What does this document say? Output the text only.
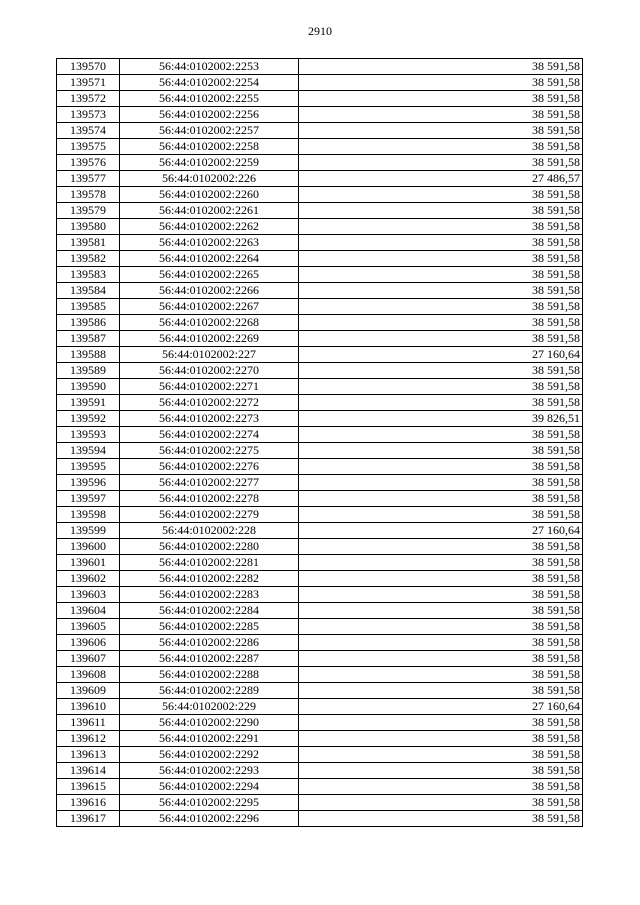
2910
139570	56:44:0102002:2253	38 591,58
139571	56:44:0102002:2254	38 591,58
139572	56:44:0102002:2255	38 591,58
139573	56:44:0102002:2256	38 591,58
139574	56:44:0102002:2257	38 591,58
139575	56:44:0102002:2258	38 591,58
139576	56:44:0102002:2259	38 591,58
139577	56:44:0102002:226	27 486,57
139578	56:44:0102002:2260	38 591,58
139579	56:44:0102002:2261	38 591,58
139580	56:44:0102002:2262	38 591,58
139581	56:44:0102002:2263	38 591,58
139582	56:44:0102002:2264	38 591,58
139583	56:44:0102002:2265	38 591,58
139584	56:44:0102002:2266	38 591,58
139585	56:44:0102002:2267	38 591,58
139586	56:44:0102002:2268	38 591,58
139587	56:44:0102002:2269	38 591,58
139588	56:44:0102002:227	27 160,64
139589	56:44:0102002:2270	38 591,58
139590	56:44:0102002:2271	38 591,58
139591	56:44:0102002:2272	38 591,58
139592	56:44:0102002:2273	39 826,51
139593	56:44:0102002:2274	38 591,58
139594	56:44:0102002:2275	38 591,58
139595	56:44:0102002:2276	38 591,58
139596	56:44:0102002:2277	38 591,58
139597	56:44:0102002:2278	38 591,58
139598	56:44:0102002:2279	38 591,58
139599	56:44:0102002:228	27 160,64
139600	56:44:0102002:2280	38 591,58
139601	56:44:0102002:2281	38 591,58
139602	56:44:0102002:2282	38 591,58
139603	56:44:0102002:2283	38 591,58
139604	56:44:0102002:2284	38 591,58
139605	56:44:0102002:2285	38 591,58
139606	56:44:0102002:2286	38 591,58
139607	56:44:0102002:2287	38 591,58
139608	56:44:0102002:2288	38 591,58
139609	56:44:0102002:2289	38 591,58
139610	56:44:0102002:229	27 160,64
139611	56:44:0102002:2290	38 591,58
139612	56:44:0102002:2291	38 591,58
139613	56:44:0102002:2292	38 591,58
139614	56:44:0102002:2293	38 591,58
139615	56:44:0102002:2294	38 591,58
139616	56:44:0102002:2295	38 591,58
139617	56:44:0102002:2296	38 591,58
